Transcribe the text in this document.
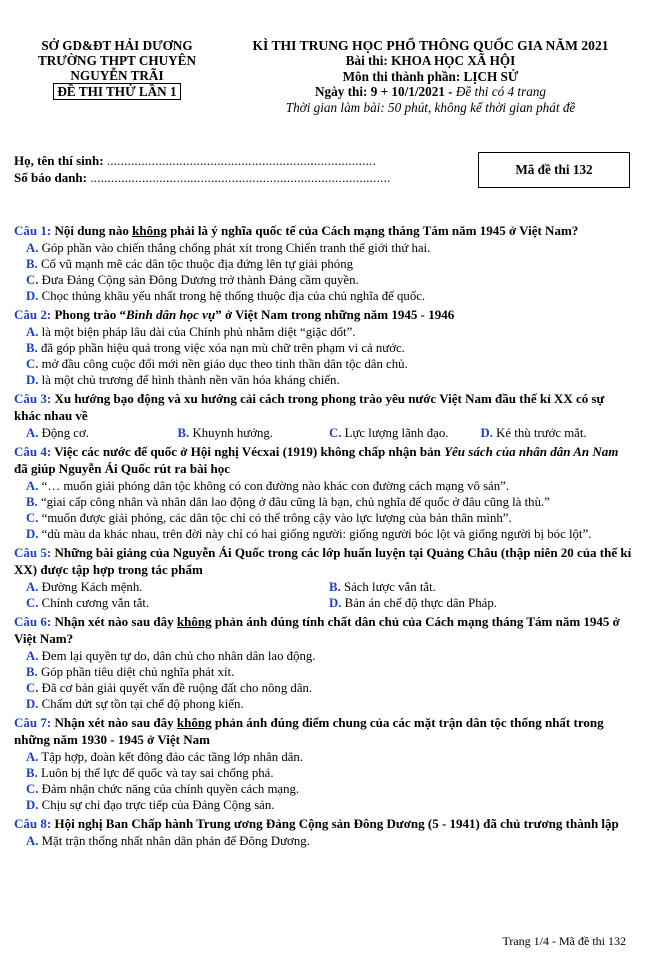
SỞ GD&ĐT HẢI DƯƠNG
TRƯỜNG THPT CHUYÊN
NGUYỄN TRÃI
ĐỀ THI THỬ LẦN 1
KÌ THI TRUNG HỌC PHỔ THÔNG QUỐC GIA NĂM 2021
Bài thi: KHOA HỌC XÃ HỘI
Môn thi thành phần: LỊCH SỬ
Ngày thi: 9 + 10/1/2021 - Đề thi có 4 trang
Thời gian làm bài: 50 phút, không kể thời gian phát đề
Họ, tên thí sinh: ..............................................................................
Số báo danh: .......................................................................................
Mã đề thi 132

Câu 1: Nội dung nào không phải là ý nghĩa quốc tế của Cách mạng tháng Tám năm 1945 ở Việt Nam?

A. Góp phần vào chiến thắng chống phát xít trong Chiến tranh thế giới thứ hai.
B. Cổ vũ mạnh mẽ các dân tộc thuộc địa đứng lên tự giải phóng
C. Đưa Đảng Cộng sản Đông Dương trở thành Đảng cầm quyền.
D. Chọc thủng khâu yếu nhất trong hệ thống thuộc địa của chủ nghĩa đế quốc.

Câu 2: Phong trào “Bình dân học vụ” ở Việt Nam trong những năm 1945 - 1946

A. là một biện pháp lâu dài của Chính phủ nhằm diệt “giặc dốt”.
B. đã góp phần hiệu quả trong việc xóa nạn mù chữ trên phạm vi cả nước.
C. mở đầu công cuộc đổi mới nền giáo dục theo tinh thần dân tộc dân chủ.
D. là một chủ trương để hình thành nền văn hóa kháng chiến.

Câu 3: Xu hướng bạo động và xu hướng cải cách trong phong trào yêu nước Việt Nam đầu thế kỉ XX có sự khác nhau về

A. Động cơ.	B. Khuynh hướng.	C. Lực lượng lãnh đạo.	D. Kẻ thù trước mắt.

Câu 4: Việc các nước đế quốc ở Hội nghị Vécxai (1919) không chấp nhận bản Yêu sách của nhân dân An Nam đã giúp Nguyễn Ái Quốc rút ra bài học

A. “… muốn giải phóng dân tộc không có con đường nào khác con đường cách mạng vô sản”.
B. “giai cấp công nhân và nhân dân lao động ở đâu cũng là bạn, chủ nghĩa đế quốc ở đâu cũng là thù.”
C. “muốn được giải phóng, các dân tộc chỉ có thể trông cậy vào lực lượng của bản thân mình”.
D. “dù màu da khác nhau, trên đời này chỉ có hai giống người: giống người bóc lột và giống người bị bóc lột”.

Câu 5: Những bài giảng của Nguyễn Ái Quốc trong các lớp huấn luyện tại Quảng Châu (thập niên 20 của thế kỉ XX) được tập hợp trong tác phẩm

A. Đường Kách mệnh.	B. Sách lược vắn tắt.
C. Chính cương vắn tắt.	D. Bản án chế độ thực dân Pháp.

Câu 6: Nhận xét nào sau đây không phản ánh đúng tính chất dân chủ của Cách mạng tháng Tám năm 1945 ở Việt Nam?

A. Đem lại quyền tự do, dân chủ cho nhân dân lao động.
B. Góp phần tiêu diệt chủ nghĩa phát xít.
C. Đã cơ bản giải quyết vấn đề ruộng đất cho nông dân.
D. Chấm dứt sự tồn tại chế độ phong kiến.

Câu 7: Nhận xét nào sau đây không phản ánh đúng điểm chung của các mặt trận dân tộc thống nhất trong những năm 1930 - 1945 ở Việt Nam

A. Tập hợp, đoàn kết đông đảo các tầng lớp nhân dân.
B. Luôn bị thế lực đế quốc và tay sai chống phá.
C. Đảm nhận chức năng của chính quyền cách mạng.
D. Chịu sự chỉ đạo trực tiếp của Đảng Cộng sản.

Câu 8: Hội nghị Ban Chấp hành Trung ương Đảng Cộng sản Đông Dương (5 - 1941) đã chủ trương thành lập

A. Mặt trận thống nhất nhân dân phản đế Đông Dương.
Trang 1/4 - Mã đề thi 132
